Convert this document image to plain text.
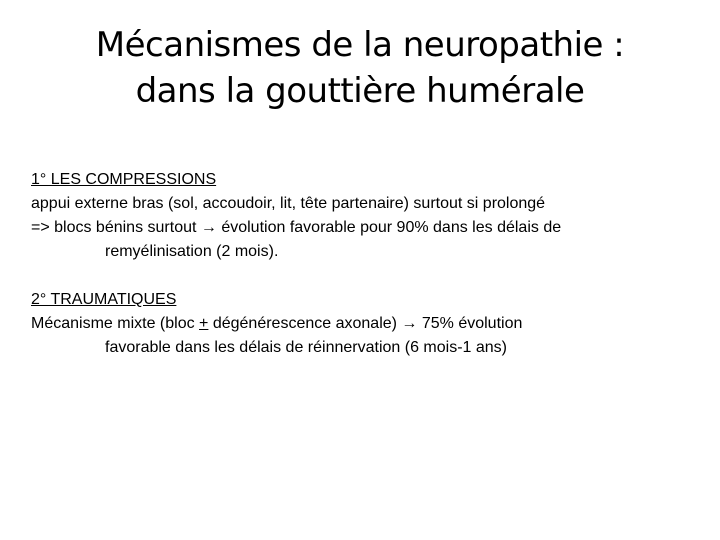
Mécanismes de la neuropathie :
dans la gouttière humérale
1° LES COMPRESSIONS
appui externe bras (sol, accoudoir, lit, tête partenaire) surtout si prolongé
=> blocs bénins surtout → évolution favorable pour 90% dans les délais de
remyélinisation (2 mois).
2° TRAUMATIQUES
Mécanisme mixte (bloc + dégénérescence axonale) → 75% évolution
favorable dans les délais de réinnervation (6 mois-1 ans)
